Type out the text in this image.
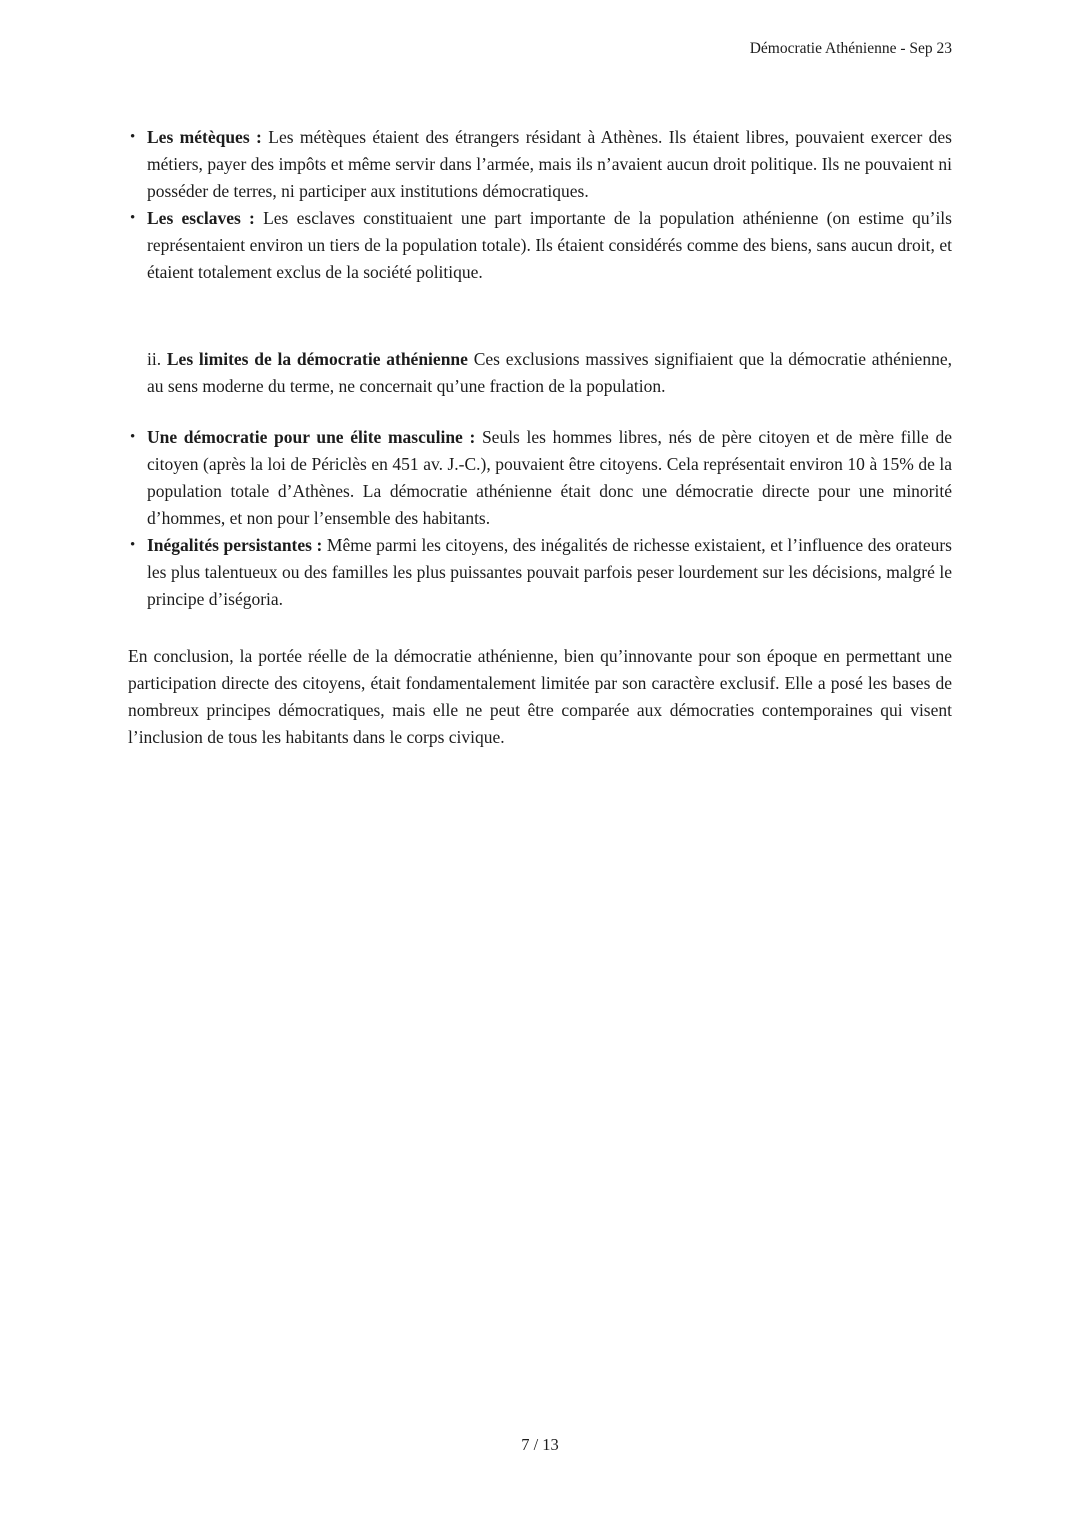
Démocratie Athénienne - Sep 23
• Les métèques : Les métèques étaient des étrangers résidant à Athènes. Ils étaient libres, pouvaient exercer des métiers, payer des impôts et même servir dans l’armée, mais ils n’avaient aucun droit politique. Ils ne pouvaient ni posséder de terres, ni participer aux institutions démocratiques.
• Les esclaves : Les esclaves constituaient une part importante de la population athénienne (on estime qu’ils représentaient environ un tiers de la population totale). Ils étaient considérés comme des biens, sans aucun droit, et étaient totalement exclus de la société politique.

ii. Les limites de la démocratie athénienne Ces exclusions massives signifiaient que la démocratie athénienne, au sens moderne du terme, ne concernait qu’une fraction de la population.

• Une démocratie pour une élite masculine : Seuls les hommes libres, nés de père citoyen et de mère fille de citoyen (après la loi de Périclès en 451 av. J.-C.), pouvaient être citoyens. Cela représentait environ 10 à 15% de la population totale d’Athènes. La démocratie athénienne était donc une démocratie directe pour une minorité d’hommes, et non pour l’ensemble des habitants.
• Inégalités persistantes : Même parmi les citoyens, des inégalités de richesse existaient, et l’influence des orateurs les plus talentueux ou des familles les plus puissantes pouvait parfois peser lourdement sur les décisions, malgré le principe d’iségoria.

En conclusion, la portée réelle de la démocratie athénienne, bien qu’innovante pour son époque en permettant une participation directe des citoyens, était fondamentalement limitée par son caractère exclusif. Elle a posé les bases de nombreux principes démocratiques, mais elle ne peut être comparée aux démocraties contemporaines qui visent l’inclusion de tous les habitants dans le corps civique.

7 / 13
